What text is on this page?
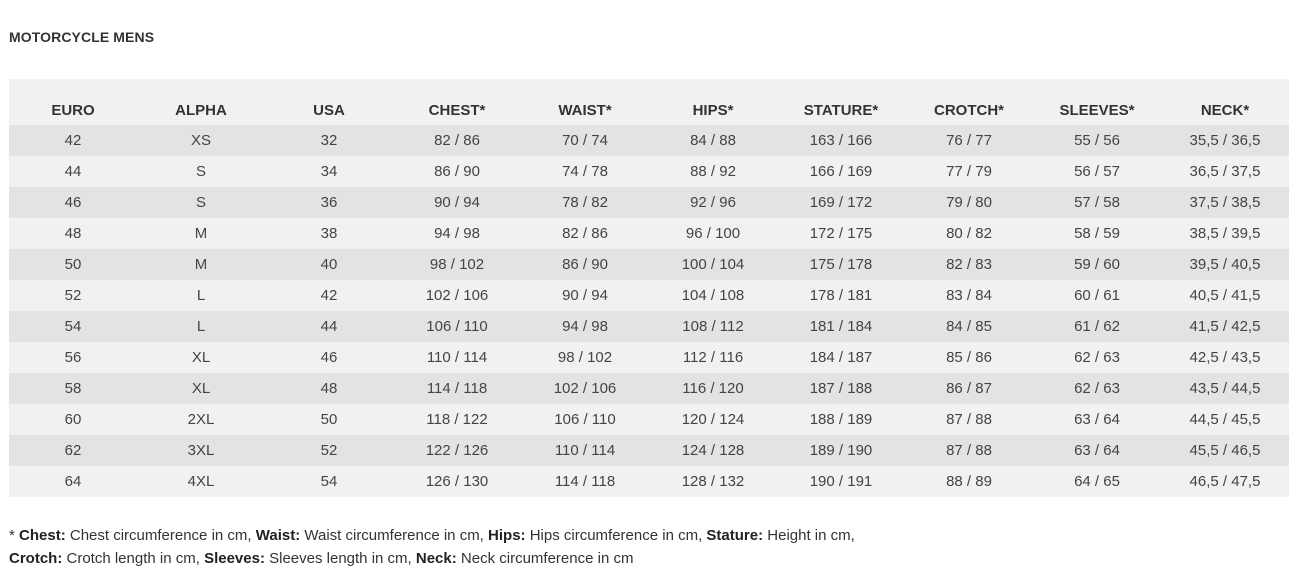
MOTORCYCLE MENS
EURO	ALPHA	USA	CHEST*	WAIST*	HIPS*	STATURE*	CROTCH*	SLEEVES*	NECK*
42	XS	32	82 / 86	70 / 74	84 / 88	163 / 166	76 / 77	55 / 56	35,5 / 36,5
44	S	34	86 / 90	74 / 78	88 / 92	166 / 169	77 / 79	56 / 57	36,5 / 37,5
46	S	36	90 / 94	78 / 82	92 / 96	169 / 172	79 / 80	57 / 58	37,5 / 38,5
48	M	38	94 / 98	82 / 86	96 / 100	172 / 175	80 / 82	58 / 59	38,5 / 39,5
50	M	40	98 / 102	86 / 90	100 / 104	175 / 178	82 / 83	59 / 60	39,5 / 40,5
52	L	42	102 / 106	90 / 94	104 / 108	178 / 181	83 / 84	60 / 61	40,5 / 41,5
54	L	44	106 / 110	94 / 98	108 / 112	181 / 184	84 / 85	61 / 62	41,5 / 42,5
56	XL	46	110 / 114	98 / 102	112 / 116	184 / 187	85 / 86	62 / 63	42,5 / 43,5
58	XL	48	114 / 118	102 / 106	116 / 120	187 / 188	86 / 87	62 / 63	43,5 / 44,5
60	2XL	50	118 / 122	106 / 110	120 / 124	188 / 189	87 / 88	63 / 64	44,5 / 45,5
62	3XL	52	122 / 126	110 / 114	124 / 128	189 / 190	87 / 88	63 / 64	45,5 / 46,5
64	4XL	54	126 / 130	114 / 118	128 / 132	190 / 191	88 / 89	64 / 65	46,5 / 47,5
* Chest: Chest circumference in cm, Waist: Waist circumference in cm, Hips: Hips circumference in cm, Stature: Height in cm,
Crotch: Crotch length in cm, Sleeves: Sleeves length in cm, Neck: Neck circumference in cm
